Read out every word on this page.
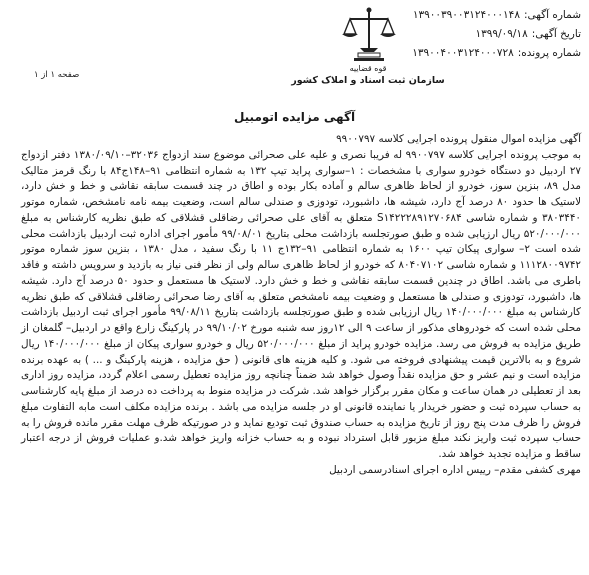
شماره آگهی:
۱۳۹۰۰۳۹۰۰۳۱۲۴۰۰۰۱۴۸
تاریخ آگهی:
۱۳۹۹/۰۹/۱۸
شماره پرونده:
۱۳۹۰۰۴۰۰۳۱۲۴۰۰۰۷۲۸
قوه قضاییه
سازمان ثبت اسناد و املاک کشور
صفحه ۱ از ۱
آگهی مزایده اتومبیل

آگهی مزایده اموال منقول پرونده اجرایی کلاسه ۹۹۰۰۷۹۷

به موجب پرونده اجرایی کلاسه ۹۹۰۰۷۹۷ له فریبا نصری و علیه علی صحرائی موضوع سند ازدواج ۳۲۰۳۶–۱۳۸۰/۰۹/۱۰ دفتر ازدواج ۲۷ اردبیل دو دستگاه خودرو سواری با مشخصات : ۱–سواری پراید تیپ ۱۳۲ به شماره انتظامی ۹۱–۱۴۸ج۸۴ با رنگ قرمز متالیک مدل ۸۹، بنزین سوز، خودرو از لحاظ ظاهری سالم و آماده بکار بوده و اطاق در چند قسمت سابقه نقاشی و خط و خش دارد، لاستیک ها حدود ۸۰ درصد آج دارد، شیشه ها، داشبورد، تودوزی و صندلی سالم است، وضعیت بیمه نامه نامشخص، شماره موتور ۳۸۰۳۴۴۰ و شماره شاسی S۱۴۲۲۲۸۹۱۲۷۰۶۸۴ متعلق به آقای علی صحرائی رضاقلی قشلاقی که طبق نظریه کارشناس به مبلغ ۵۲۰/۰۰۰/۰۰۰ ریال ارزیابی شده و طبق صورتجلسه بازداشت محلی بتاریخ ۹۹/۰۸/۰۱ مأمور اجرای اداره ثبت اردبیل بازداشت محلی شده است ۲– سواری پیکان تیپ ۱۶۰۰ به شماره انتظامی ۹۱–۱۳۲ج ۱۱ با رنگ سفید ، مدل ۱۳۸۰ ، بنزین سوز شماره موتور ۱۱۱۲۸۰۰۹۷۴۲ و شماره شاسی ۸۰۴۰۷۱۰۲ که خودرو از لحاظ ظاهری سالم ولی از نظر فنی نیاز به بازدید و سرویس داشته و فاقد باطری می باشد. اطاق در چندین قسمت سابقه نقاشی و خط و خش دارد. لاستیک ها مستعمل و حدود ۵۰ درصد آج دارد. شیشه ها، داشبورد، تودوزی و صندلی ها مستعمل و وضعیت بیمه نامشخص متعلق به آقای رضا صحرائی رضاقلی قشلاقی که طبق نظریه کارشناس به مبلغ ۱۴۰/۰۰۰/۰۰۰ ریال ارزیابی شده و طبق صورتجلسه بازداشت بتاریخ ۹۹/۰۸/۱۱ مأمور اجرای ثبت اردبیل بازداشت محلی شده است که خودروهای مذکور از ساعت ۹ الی ۱۲روز سه شنبه مورخ ۹۹/۱۰/۰۲ در پارکینگ زارع واقع در اردبیل– گلمغان از طریق مزایده به فروش می رسد. مزایده خودرو پراید از مبلغ ۵۲۰/۰۰۰/۰۰۰ ریال و خودرو سواری پیکان از مبلغ ۱۴۰/۰۰۰/۰۰۰ ریال شروع و به بالاترین قیمت پیشنهادی فروخته می شود. و کلیه هزینه های قانونی ( حق مزایده ، هزینه پارکینگ و ... ) به عهده برنده مزایده است و نیم عشر و حق مزایده نقداً وصول خواهد شد ضمناً چنانچه روز مزایده تعطیل رسمی اعلام گردد، مزایده روز اداری بعد از تعطیلی در همان ساعت و مکان مقرر برگزار خواهد شد. شرکت در مزایده منوط به پرداخت ده درصد از مبلغ پایه کارشناسی به حساب سپرده ثبت و حضور خریدار یا نماینده قانونی او در جلسه مزایده می باشد . برنده مزایده مکلف است مابه التفاوت مبلغ فروش را ظرف مدت پنج روز از تاریخ مزایده به حساب صندوق ثبت تودیع نماید و در صورتیکه ظرف مهلت مقرر مانده فروش را به حساب سپرده ثبت واریز نکند مبلغ مزبور قابل استرداد نبوده و به حساب خزانه واریز خواهد شد.و عملیات فروش از درجه اعتبار ساقط و مزایده تجدید خواهد شد.

مهری کشفی مقدم– رییس اداره اجرای اسنادرسمی اردبیل
